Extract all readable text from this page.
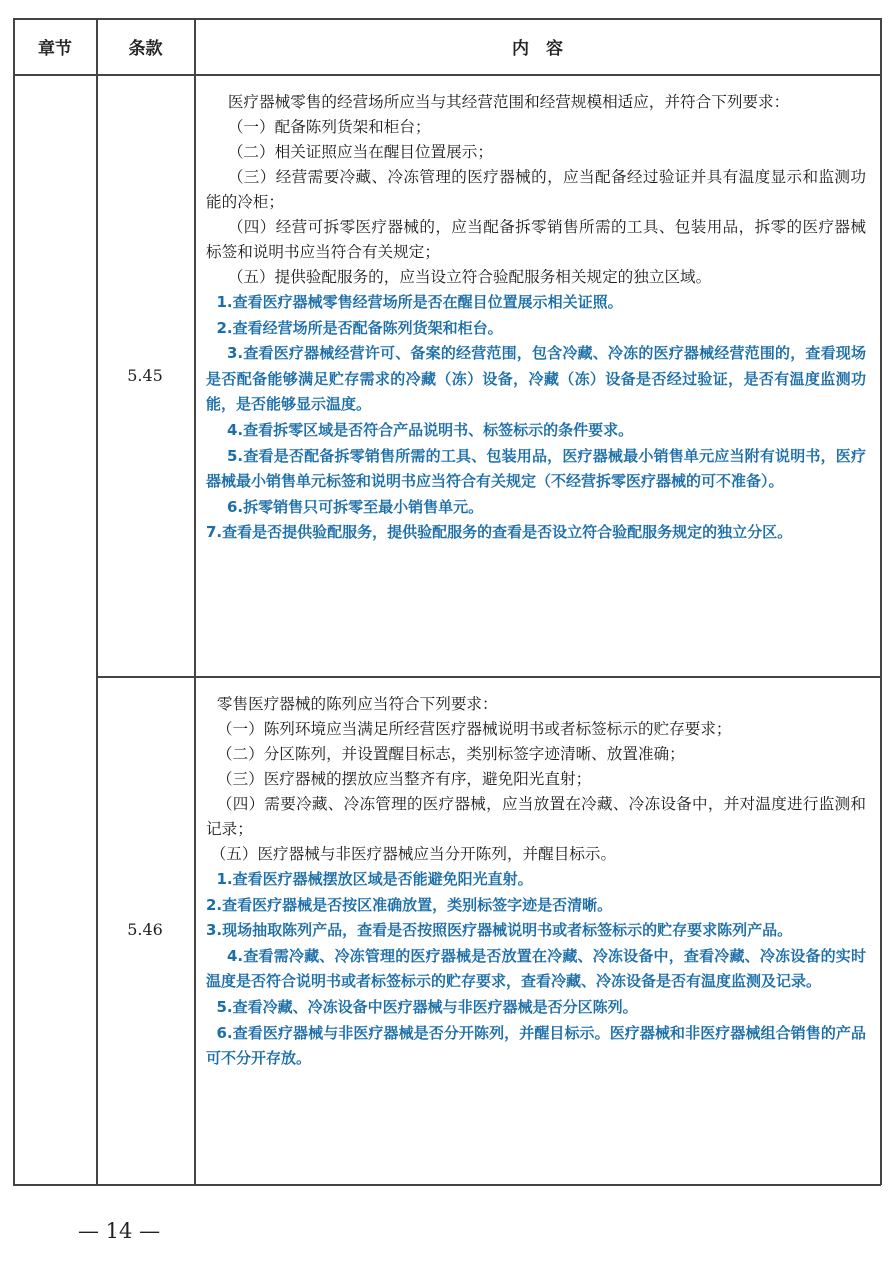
章节	条款	内　容
5.45

医疗器械零售的经营场所应当与其经营范围和经营规模相适应，并符合下列要求：

（一）配备陈列货架和柜台；

（二）相关证照应当在醒目位置展示；

（三）经营需要冷藏、冷冻管理的医疗器械的，应当配备经过验证并具有温度显示和监测功能的冷柜；

（四）经营可拆零医疗器械的，应当配备拆零销售所需的工具、包装用品，拆零的医疗器械标签和说明书应当符合有关规定；

（五）提供验配服务的，应当设立符合验配服务相关规定的独立区域。

1.查看医疗器械零售经营场所是否在醒目位置展示相关证照。

2.查看经营场所是否配备陈列货架和柜台。

3.查看医疗器械经营许可、备案的经营范围，包含冷藏、冷冻的医疗器械经营范围的，查看现场是否配备能够满足贮存需求的冷藏（冻）设备，冷藏（冻）设备是否经过验证，是否有温度监测功能，是否能够显示温度。

4.查看拆零区域是否符合产品说明书、标签标示的条件要求。

5.查看是否配备拆零销售所需的工具、包装用品，医疗器械最小销售单元应当附有说明书，医疗器械最小销售单元标签和说明书应当符合有关规定（不经营拆零医疗器械的可不准备）。

6.拆零销售只可拆零至最小销售单元。

7.查看是否提供验配服务，提供验配服务的查看是否设立符合验配服务规定的独立分区。

5.46

零售医疗器械的陈列应当符合下列要求：

（一）陈列环境应当满足所经营医疗器械说明书或者标签标示的贮存要求；

（二）分区陈列，并设置醒目标志，类别标签字迹清晰、放置准确；

（三）医疗器械的摆放应当整齐有序，避免阳光直射；

（四）需要冷藏、冷冻管理的医疗器械，应当放置在冷藏、冷冻设备中，并对温度进行监测和记录；

（五）医疗器械与非医疗器械应当分开陈列，并醒目标示。

1.查看医疗器械摆放区域是否能避免阳光直射。

2.查看医疗器械是否按区准确放置，类别标签字迹是否清晰。

3.现场抽取陈列产品，查看是否按照医疗器械说明书或者标签标示的贮存要求陈列产品。

4.查看需冷藏、冷冻管理的医疗器械是否放置在冷藏、冷冻设备中，查看冷藏、冷冻设备的实时温度是否符合说明书或者标签标示的贮存要求，查看冷藏、冷冻设备是否有温度监测及记录。

5.查看冷藏、冷冻设备中医疗器械与非医疗器械是否分区陈列。

6.查看医疗器械与非医疗器械是否分开陈列，并醒目标示。医疗器械和非医疗器械组合销售的产品可不分开存放。

— 14 —
